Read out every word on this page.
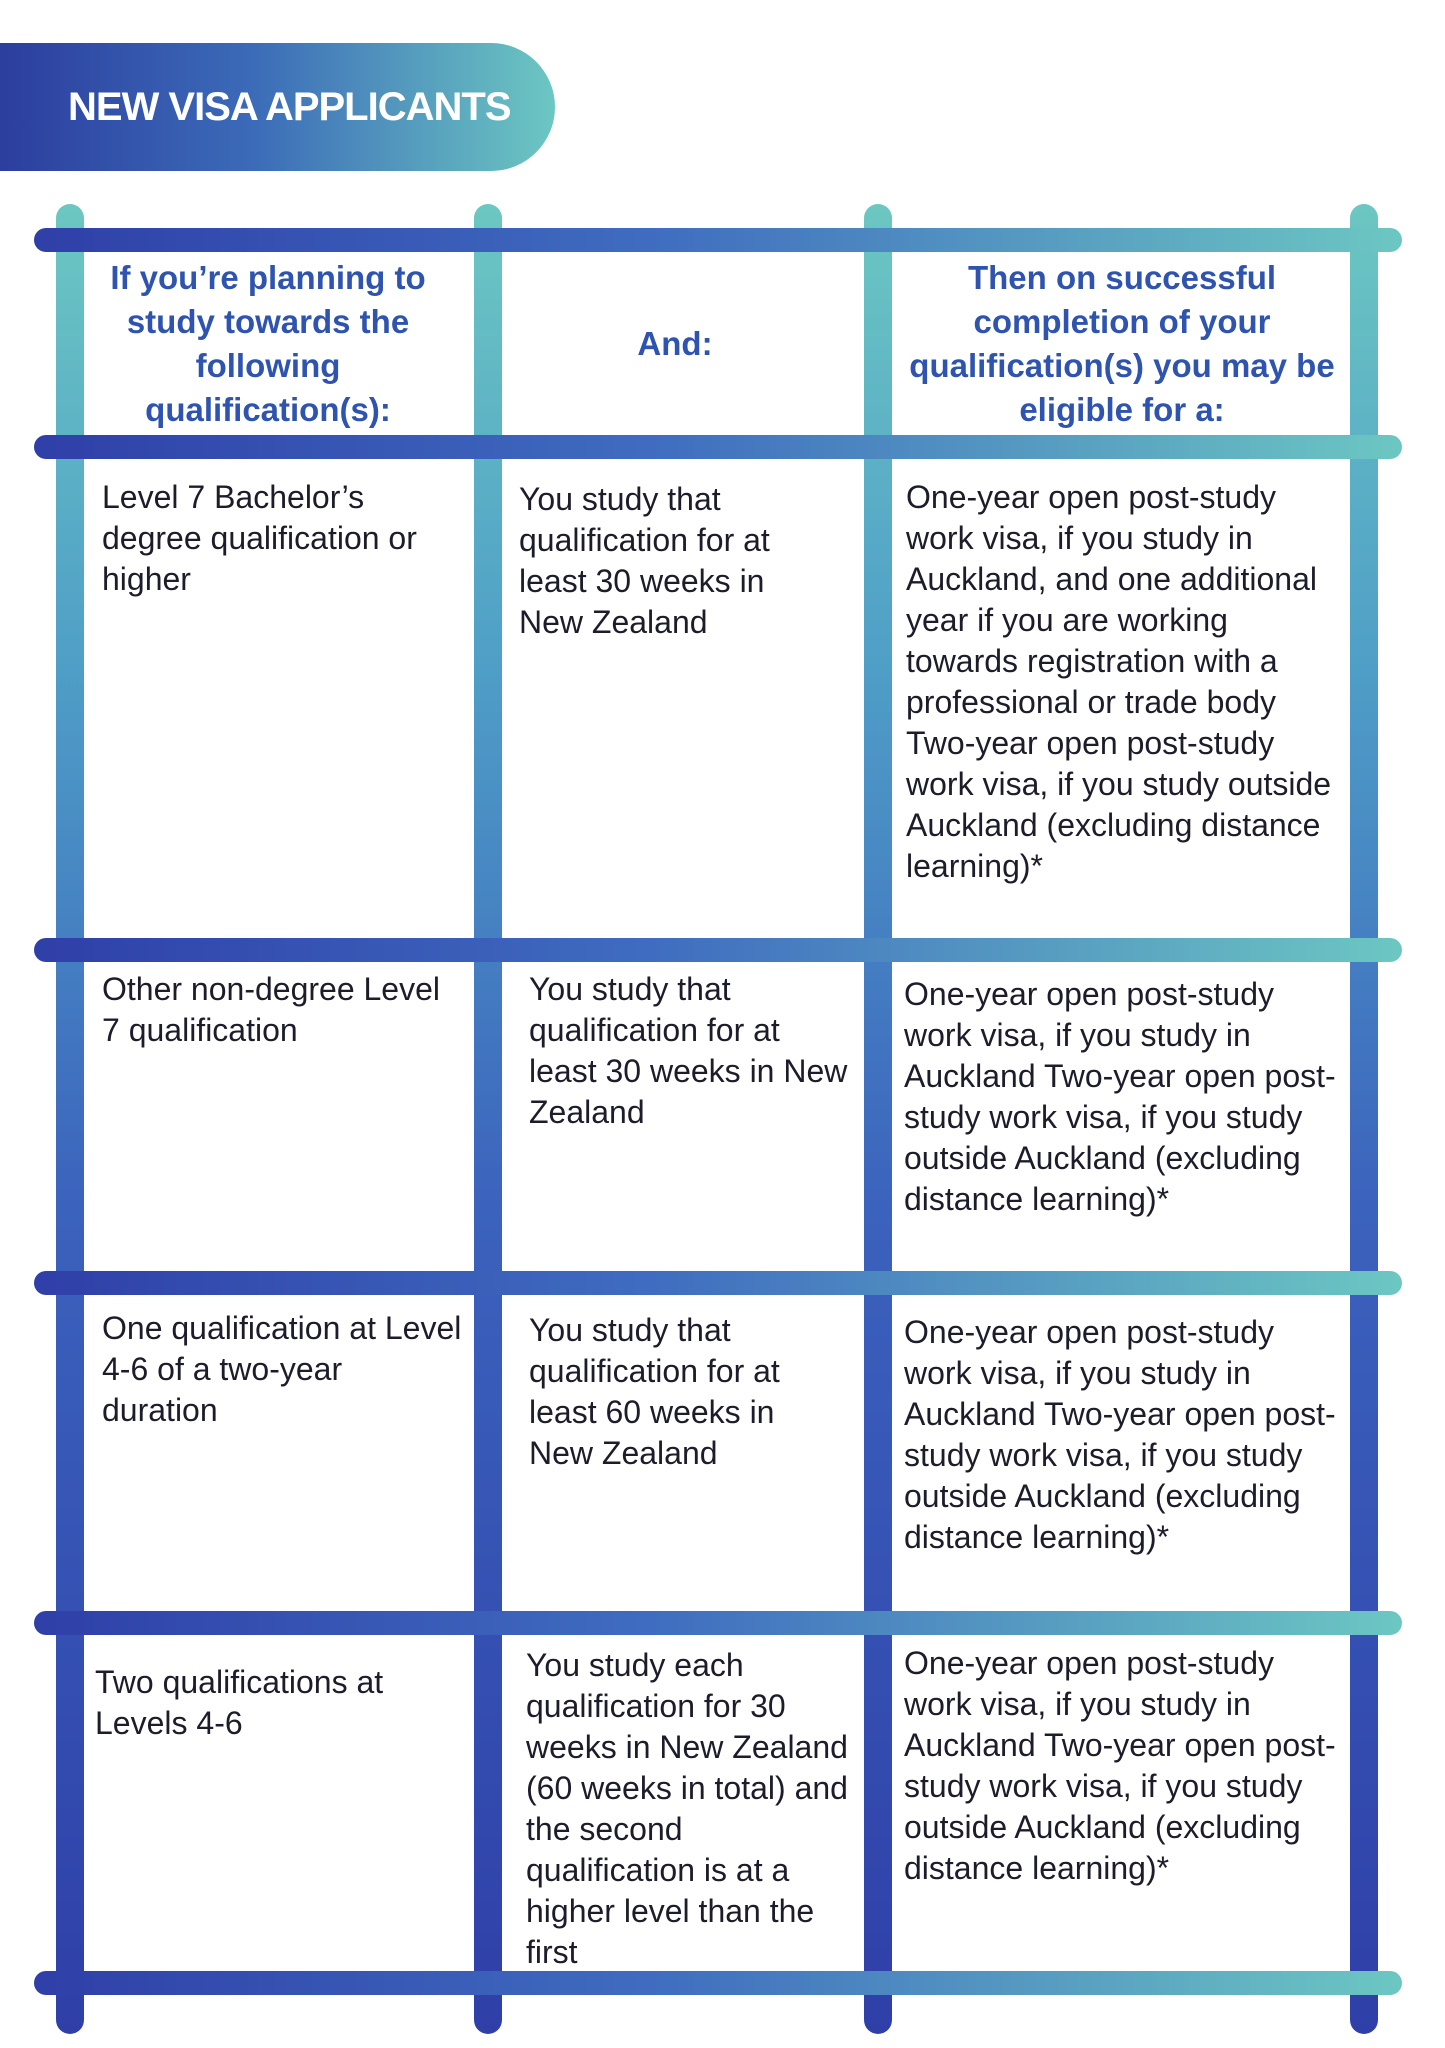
NEW VISA APPLICANTS
If you’re planning to study towards the following qualification(s):
And:
Then on successful completion of your qualification(s) you may be eligible for a:
Level 7 Bachelor’s degree qualification or higher
You study that qualification for at least 30 weeks in New Zealand
One-year open post-study work visa, if you study in Auckland, and one additional year if you are working towards registration with a professional or trade body Two-year open post-study work visa, if you study outside Auckland (excluding distance learning)*
Other non-degree Level 7 qualification
You study that qualification for at least 30 weeks in New Zealand
One-year open post-study work visa, if you study in Auckland Two-year open post-study work visa, if you study outside Auckland (excluding distance learning)*
One qualification at Level 4-6 of a two-year duration
You study that qualification for at least 60 weeks in New Zealand
One-year open post-study work visa, if you study in Auckland Two-year open post-study work visa, if you study outside Auckland (excluding distance learning)*
Two qualifications at Levels 4-6
You study each qualification for 30 weeks in New Zealand (60 weeks in total) and the second qualification is at a higher level than the first
One-year open post-study work visa, if you study in Auckland Two-year open post-study work visa, if you study outside Auckland (excluding distance learning)*
